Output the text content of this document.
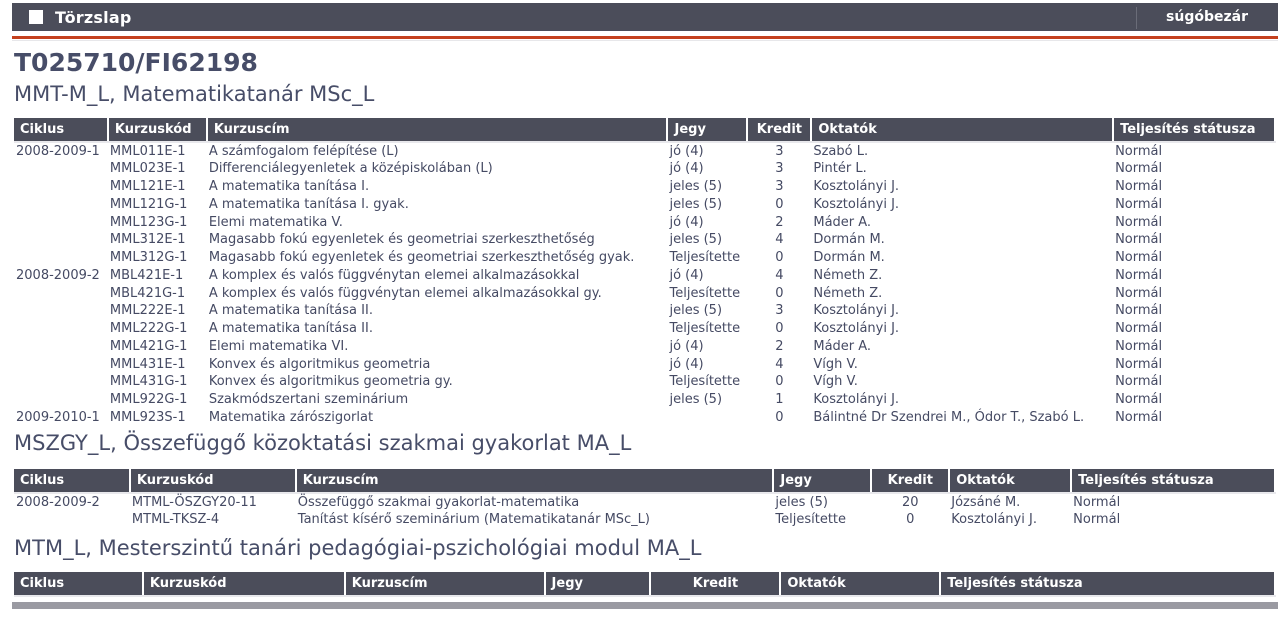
Törzslap	súgóbezár
T025710/FI62198
MMT-M_L, Matematikatanár MSc_L
Ciklus	Kurzuskód	Kurzuscím	Jegy	Kredit	Oktatók	Teljesítés státusza
2008-2009-1	MML011E-1	A számfogalom felépítése (L)	jó (4)	3	Szabó L.	Normál
	MML023E-1	Differenciálegyenletek a középiskolában (L)	jó (4)	3	Pintér L.	Normál
	MML121E-1	A matematika tanítása I.	jeles (5)	3	Kosztolányi J.	Normál
	MML121G-1	A matematika tanítása I. gyak.	jeles (5)	0	Kosztolányi J.	Normál
	MML123G-1	Elemi matematika V.	jó (4)	2	Máder A.	Normál
	MML312E-1	Magasabb fokú egyenletek és geometriai szerkeszthetőség	jeles (5)	4	Dormán M.	Normál
	MML312G-1	Magasabb fokú egyenletek és geometriai szerkeszthetőség gyak.	Teljesítette	0	Dormán M.	Normál
2008-2009-2	MBL421E-1	A komplex és valós függvénytan elemei alkalmazásokkal	jó (4)	4	Németh Z.	Normál
	MBL421G-1	A komplex és valós függvénytan elemei alkalmazásokkal gy.	Teljesítette	0	Németh Z.	Normál
	MML222E-1	A matematika tanítása II.	jeles (5)	3	Kosztolányi J.	Normál
	MML222G-1	A matematika tanítása II.	Teljesítette	0	Kosztolányi J.	Normál
	MML421G-1	Elemi matematika VI.	jó (4)	2	Máder A.	Normál
	MML431E-1	Konvex és algoritmikus geometria	jó (4)	4	Vígh V.	Normál
	MML431G-1	Konvex és algoritmikus geometria gy.	Teljesítette	0	Vígh V.	Normál
	MML922G-1	Szakmódszertani szeminárium	jeles (5)	1	Kosztolányi J.	Normál
2009-2010-1	MML923S-1	Matematika zárószigorlat		0	Bálintné Dr Szendrei M., Ódor T., Szabó L.	Normál
MSZGY_L, Összefüggő közoktatási szakmai gyakorlat MA_L
Ciklus	Kurzuskód	Kurzuscím	Jegy	Kredit	Oktatók	Teljesítés státusza
2008-2009-2	MTML-ÖSZGY20-11	Összefüggő szakmai gyakorlat-matematika	jeles (5)	20	Józsáné M.	Normál
	MTML-TKSZ-4	Tanítást kísérő szeminárium (Matematikatanár MSc_L)	Teljesítette	0	Kosztolányi J.	Normál
MTM_L, Mesterszintű tanári pedagógiai-pszichológiai modul MA_L
Ciklus	Kurzuskód	Kurzuscím	Jegy	Kredit	Oktatók	Teljesítés státusza
